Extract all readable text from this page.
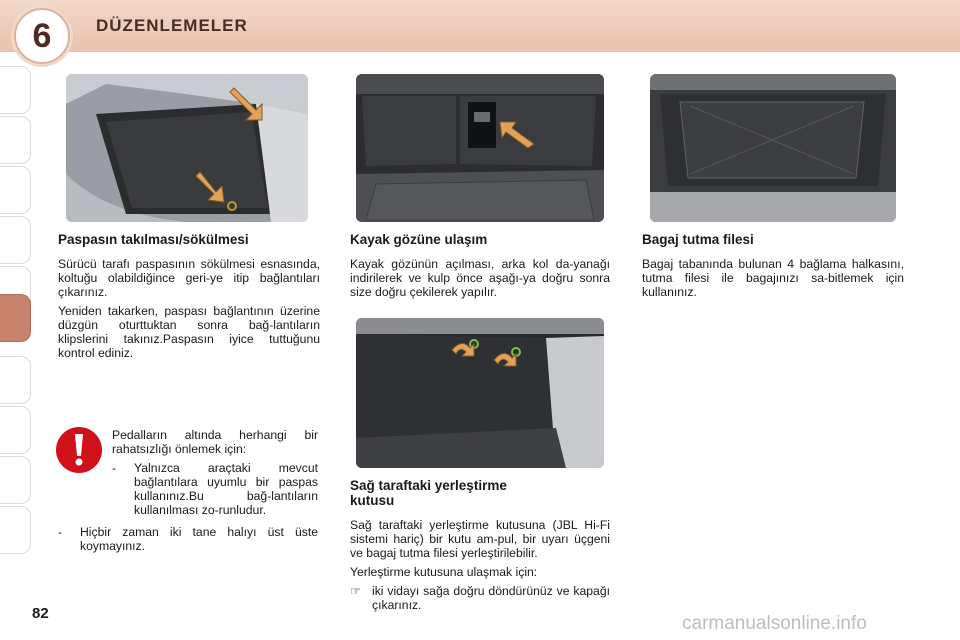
6	DÜZENLEMELER
Paspasın takılması/sökülmesi

Sürücü tarafı paspasının sökülmesi esnasında, koltuğu olabildiğince geri-ye itip bağlantıları çıkarınız.

Yeniden takarken, paspası bağlantının üzerine düzgün oturttuktan sonra bağ-lantıların klipslerini takınız.Paspasın iyice tuttuğunu kontrol ediniz.

Pedalların altında herhangi bir rahatsızlığı önlemek için:

- Yalnızca araçtaki mevcut bağlantılara uyumlu bir paspas kullanınız.Bu bağ-lantıların kullanılması zo-runludur.
- Hiçbir zaman iki tane halıyı üst üste koymayınız.
Kayak gözüne ulaşım

Kayak gözünün açılması, arka kol da-yanağı indirilerek ve kulp önce aşağı-ya doğru sonra size doğru çekilerek yapılır.

Sağ taraftaki yerleştirme kutusu

Sağ taraftaki yerleştirme kutusuna (JBL Hi-Fi sistemi hariç) bir kutu am-pul, bir uyarı üçgeni ve bagaj tutma filesi yerleştirilebilir.

Yerleştirme kutusuna ulaşmak için:

☞ iki vidayı sağa doğru döndürünüz ve kapağı çıkarınız.
Bagaj tutma filesi

Bagaj tabanında bulunan 4 bağlama halkasını, tutma filesi ile bagajınızı sa-bitlemek için kullanınız.

82	carmanualsonline.info
